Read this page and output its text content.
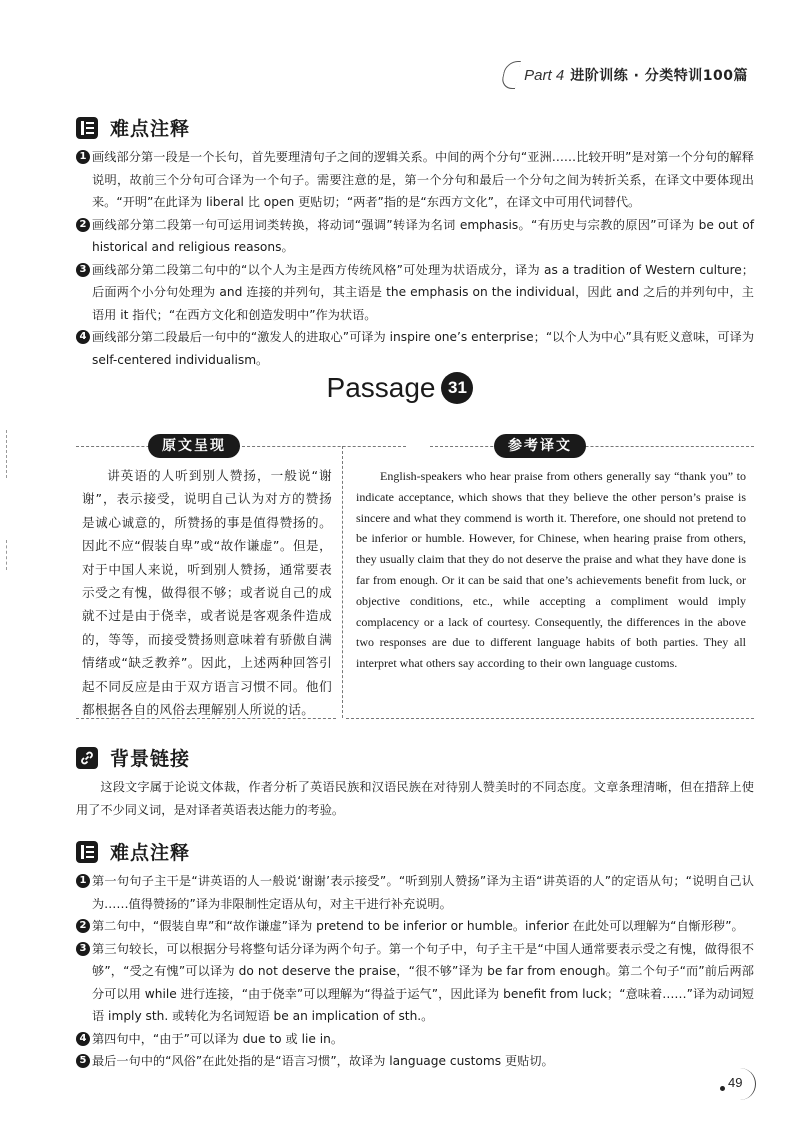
Part 4 进阶训练 · 分类特训100篇
难点注释
1 画线部分第一段是一个长句，首先要理清句子之间的逻辑关系。中间的两个分句“亚洲……比较开明”是对第一个分句的解释说明，故前三个分句可合译为一个句子。需要注意的是，第一个分句和最后一个分句之间为转折关系，在译文中要体现出来。“开明”在此译为 liberal 比 open 更贴切；“两者”指的是“东西方文化”，在译文中可用代词替代。
2 画线部分第二段第一句可运用词类转换，将动词“强调”转译为名词 emphasis。“有历史与宗教的原因”可译为 be out of historical and religious reasons。
3 画线部分第二段第二句中的“以个人为主是西方传统风格”可处理为状语成分，译为 as a tradition of Western culture；后面两个小分句处理为 and 连接的并列句，其主语是 the emphasis on the individual，因此 and 之后的并列句中，主语用 it 指代；“在西方文化和创造发明中”作为状语。
4 画线部分第二段最后一句中的“激发人的进取心”可译为 inspire one’s enterprise；“以个人为中心”具有贬义意味，可译为 self-centered individualism。
Passage 31
原文呈现	参考译文
讲英语的人听到别人赞扬，一般说“谢谢”，表示接受，说明自己认为对方的赞扬是诚心诚意的，所赞扬的事是值得赞扬的。因此不应“假装自卑”或“故作谦虚”。但是，对于中国人来说，听到别人赞扬，通常要表示受之有愧，做得很不够；或者说自己的成就不过是由于侥幸，或者说是客观条件造成的，等等，而接受赞扬则意味着有骄傲自满情绪或“缺乏教养”。因此，上述两种回答引起不同反应是由于双方语言习惯不同。他们都根据各自的风俗去理解别人所说的话。
English-speakers who hear praise from others generally say “thank you” to indicate acceptance, which shows that they believe the other person’s praise is sincere and what they commend is worth it. Therefore, one should not pretend to be inferior or humble. However, for Chinese, when hearing praise from others, they usually claim that they do not deserve the praise and what they have done is far from enough. Or it can be said that one’s achievements benefit from luck, or objective conditions, etc., while accepting a compliment would imply complacency or a lack of courtesy. Consequently, the differences in the above two responses are due to different language habits of both parties. They all interpret what others say according to their own language customs.
背景链接
这段文字属于论说文体裁，作者分析了英语民族和汉语民族在对待别人赞美时的不同态度。文章条理清晰，但在措辞上使用了不少同义词，是对译者英语表达能力的考验。
难点注释
1 第一句句子主干是“讲英语的人一般说‘谢谢’表示接受”。“听到别人赞扬”译为主语“讲英语的人”的定语从句；“说明自己认为……值得赞扬的”译为非限制性定语从句，对主干进行补充说明。
2 第二句中，“假装自卑”和“故作谦虚”译为 pretend to be inferior or humble。inferior 在此处可以理解为“自惭形秽”。
3 第三句较长，可以根据分号将整句话分译为两个句子。第一个句子中，句子主干是“中国人通常要表示受之有愧，做得很不够”，“受之有愧”可以译为 do not deserve the praise，“很不够”译为 be far from enough。第二个句子“而”前后两部分可以用 while 进行连接，“由于侥幸”可以理解为“得益于运气”，因此译为 benefit from luck；“意味着……”译为动词短语 imply sth. 或转化为名词短语 be an implication of sth.。
4 第四句中，“由于”可以译为 due to 或 lie in。
5 最后一句中的“风俗”在此处指的是“语言习惯”，故译为 language customs 更贴切。
49
